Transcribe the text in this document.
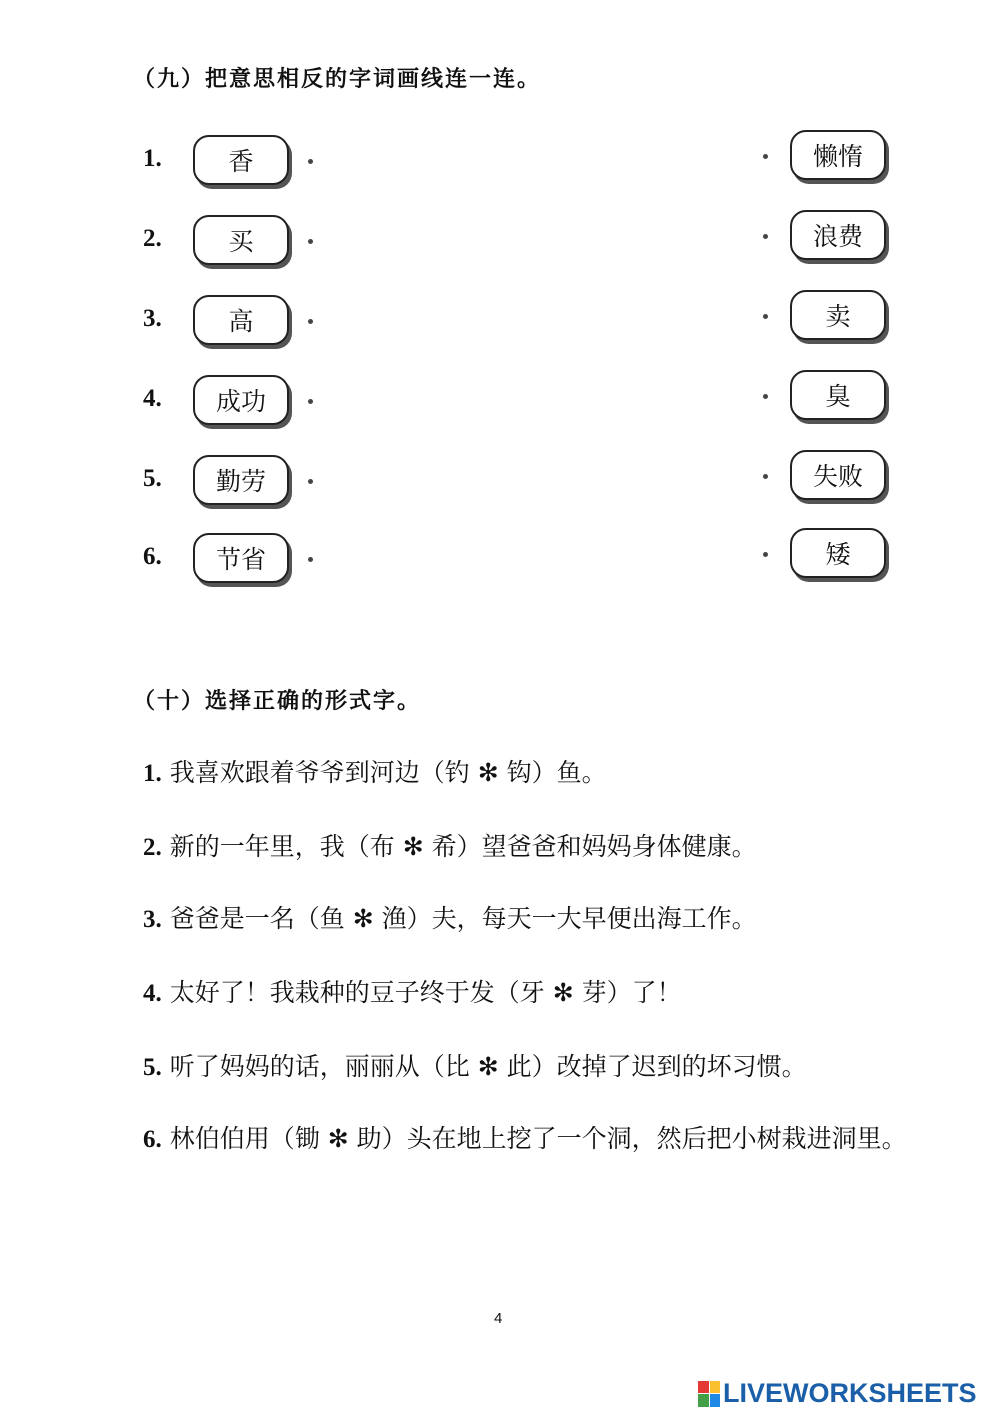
（九）把意思相反的字词画线连一连。
1.	香
2.	买
3.	高
4.	成功
5.	勤劳
6.	节省
懒惰
浪费
卖
臭
失败
矮
（十）选择正确的形式字。
1. 我喜欢跟着爷爷到河边（钓 ✻ 钩）鱼。
2. 新的一年里，我（布 ✻ 希）望爸爸和妈妈身体健康。
3. 爸爸是一名（鱼 ✻ 渔）夫，每天一大早便出海工作。
4. 太好了！我栽种的豆子终于发（牙 ✻ 芽）了！
5. 听了妈妈的话，丽丽从（比 ✻ 此）改掉了迟到的坏习惯。
6. 林伯伯用（锄 ✻ 助）头在地上挖了一个洞，然后把小树栽进洞里。
4
LIVEWORKSHEETS
